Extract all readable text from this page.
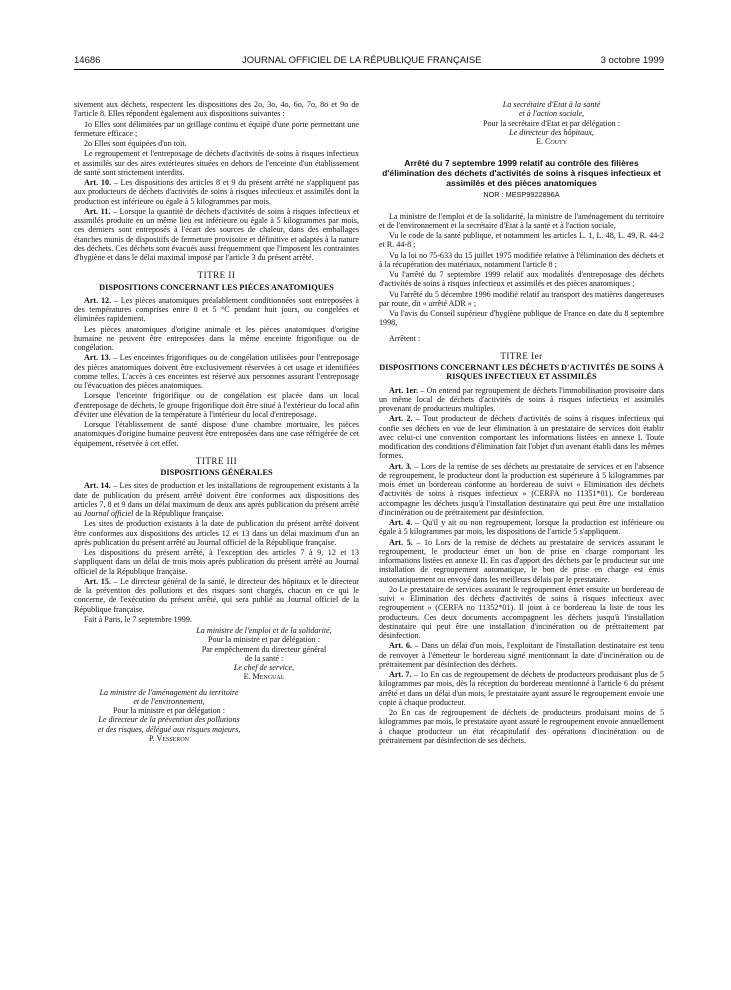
14686	JOURNAL OFFICIEL DE LA RÉPUBLIQUE FRANÇAISE	3 octobre 1999

sivement aux déchets, respectent les dispositions des 2o, 3o, 4o, 6o, 7o, 8o et 9o de l'article 8. Elles répondent également aux dispositions suivantes :

1o Elles sont délimitées par un grillage continu et équipé d'une porte permettant une fermeture efficace ;

2o Elles sont équipées d'un toit.

Le regroupement et l'entreposage de déchets d'activités de soins à risques infectieux et assimilés sur des aires extérieures situées en dehors de l'enceinte d'un établissement de santé sont strictement interdits.

Art. 10. – Les dispositions des articles 8 et 9 du présent arrêté ne s'appliquent pas aux producteurs de déchets d'activités de soins à risques infectieux et assimilés dont la production est inférieure ou égale à 5 kilogrammes par mois.

Art. 11. – Lorsque la quantité de déchets d'activités de soins à risques infectieux et assimilés produite en un même lieu est inférieure ou égale à 5 kilogrammes par mois, ces derniers sont entreposés à l'écart des sources de chaleur, dans des emballages étanches munis de dispositifs de fermeture provisoire et définitive et adaptés à la nature des déchets. Ces déchets sont évacués aussi fréquemment que l'imposent les contraintes d'hygiène et dans le délai maximal imposé par l'article 3 du présent arrêté.

TITRE II

DISPOSITIONS CONCERNANT LES PIÈCES ANATOMIQUES

Art. 12. – Les pièces anatomiques préalablement conditionnées sont entreposées à des températures comprises entre 0 et 5 °C pendant huit jours, ou congelées et éliminées rapidement.

Les pièces anatomiques d'origine animale et les pièces anatomiques d'origine humaine ne peuvent être entreposées dans la même enceinte frigorifique ou de congélation.

Art. 13. – Les enceintes frigorifiques ou de congélation utilisées pour l'entreposage des pièces anatomiques doivent être exclusivement réservées à cet usage et identifiées comme telles. L'accès à ces enceintes est réservé aux personnes assurant l'entreposage ou l'évacuation des pièces anatomiques.

Lorsque l'enceinte frigorifique ou de congélation est placée dans un local d'entreposage de déchets, le groupe frigorifique doit être situé à l'extérieur du local afin d'éviter une élévation de la température à l'intérieur du local d'entreposage.

Lorsque l'établissement de santé dispose d'une chambre mortuaire, les pièces anatomiques d'origine humaine peuvent être entreposées dans une case réfrigérée de cet équipement, réservée à cet effet.

TITRE III

DISPOSITIONS GÉNÉRALES

Art. 14. – Les sites de production et les installations de regroupement existants à la date de publication du présent arrêté doivent être conformes aux dispositions des articles 7, 8 et 9 dans un délai maximum de deux ans après publication du présent arrêté au Journal officiel de la République française.

Les sites de production existants à la date de publication du présent arrêté doivent être conformes aux dispositions des articles 12 et 13 dans un délai maximum d'un an après publication du présent arrêté au Journal officiel de la République française.

Les dispositions du présent arrêté, à l'exception des articles 7 à 9, 12 et 13 s'appliquent dans un délai de trois mois après publication du présent arrêté au Journal officiel de la République française.

Art. 15. – Le directeur général de la santé, le directeur des hôpitaux et le directeur de la prévention des pollutions et des risques sont chargés, chacun en ce qui le concerne, de l'exécution du présent arrêté, qui sera publié au Journal officiel de la République française.

Fait à Paris, le 7 septembre 1999.

La ministre de l'emploi et de la solidarité,
Pour la ministre et par délégation :
Par empêchement du directeur général
de la santé :
Le chef de service,
E. Mengual
La ministre de l'aménagement du territoire
et de l'environnement,
Pour la ministre et par délégation :
Le directeur de la prévention des pollutions
et des risques, délégué aux risques majeurs,
P. Vesseron
La secrétaire d'Etat à la santé
et à l'action sociale,
Pour la secrétaire d'Etat et par délégation :
Le directeur des hôpitaux,
E. Couty

Arrêté du 7 septembre 1999 relatif au contrôle des filières d'élimination des déchets d'activités de soins à risques infectieux et assimilés et des pièces anatomiques

NOR : MESP9922896A

La ministre de l'emploi et de la solidarité, la ministre de l'aménagement du territoire et de l'environnement et la secrétaire d'Etat à la santé et à l'action sociale,

Vu le code de la santé publique, et notamment les articles L. 1, L. 48, L. 49, R. 44-2 et R. 44-8 ;

Vu la loi no 75-633 du 15 juillet 1975 modifiée relative à l'élimination des déchets et à la récupération des matériaux, notamment l'article 8 ;

Vu l'arrêté du 7 septembre 1999 relatif aux modalités d'entreposage des déchets d'activités de soins à risques infectieux et assimilés et des pièces anatomiques ;

Vu l'arrêté du 5 décembre 1996 modifié relatif au transport des matières dangereuses par route, dit « arrêté ADR » ;

Vu l'avis du Conseil supérieur d'hygiène publique de France en date du 8 septembre 1998,

Arrêtent :

TITRE Ier

DISPOSITIONS CONCERNANT LES DÉCHETS D'ACTIVITÉS DE SOINS À RISQUES INFECTIEUX ET ASSIMILÉS

Art. 1er. – On entend par regroupement de déchets l'immobilisation provisoire dans un même local de déchets d'activités de soins à risques infectieux et assimilés provenant de producteurs multiples.

Art. 2. – Tout producteur de déchets d'activités de soins à risques infectieux qui confie ses déchets en vue de leur élimination à un prestataire de services doit établir avec celui-ci une convention comportant les informations listées en annexe I. Toute modification des conditions d'élimination fait l'objet d'un avenant établi dans les mêmes formes.

Art. 3. – Lors de la remise de ses déchets au prestataire de services et en l'absence de regroupement, le producteur dont la production est supérieure à 5 kilogrammes par mois émet un bordereau conforme au bordereau de suivi « Elimination des déchets d'activités de soins à risques infectieux » (CERFA no 11351*01). Ce bordereau accompagne les déchets jusqu'à l'installation destinataire qui peut être une installation d'incinération ou de prétraitement par désinfection.

Art. 4. – Qu'il y ait ou non regroupement, lorsque la production est inférieure ou égale à 5 kilogrammes par mois, les dispositions de l'article 5 s'appliquent.

Art. 5. – 1o Lors de la remise de déchets au prestataire de services assurant le regroupement, le producteur émet un bon de prise en charge comportant les informations listées en annexe II. En cas d'apport des déchets par le producteur sur une installation de regroupement automatique, le bon de prise en charge est émis automatiquement ou envoyé dans les meilleurs délais par le prestataire.

2o Le prestataire de services assurant le regroupement émet ensuite un bordereau de suivi « Elimination des déchets d'activités de soins à risques infectieux avec regroupement » (CERFA no 11352*01). Il joint à ce bordereau la liste de tous les producteurs. Ces deux documents accompagnent les déchets jusqu'à l'installation destinataire qui peut être une installation d'incinération ou de prétraitement par désinfection.

Art. 6. – Dans un délai d'un mois, l'exploitant de l'installation destinataire est tenu de renvoyer à l'émetteur le bordereau signé mentionnant la date d'incinération ou de prétraitement par désinfection des déchets.

Art. 7. – 1o En cas de regroupement de déchets de producteurs produisant plus de 5 kilogrammes par mois, dès la réception du bordereau mentionné à l'article 6 du présent arrêté et dans un délai d'un mois, le prestataire ayant assuré le regroupement envoie une copie à chaque producteur.

2o En cas de regroupement de déchets de producteurs produisant moins de 5 kilogrammes par mois, le prestataire ayant assuré le regroupement envoie annuellement à chaque producteur un état récapitulatif des opérations d'incinération ou de prétraitement par désinfection de ses déchets.
